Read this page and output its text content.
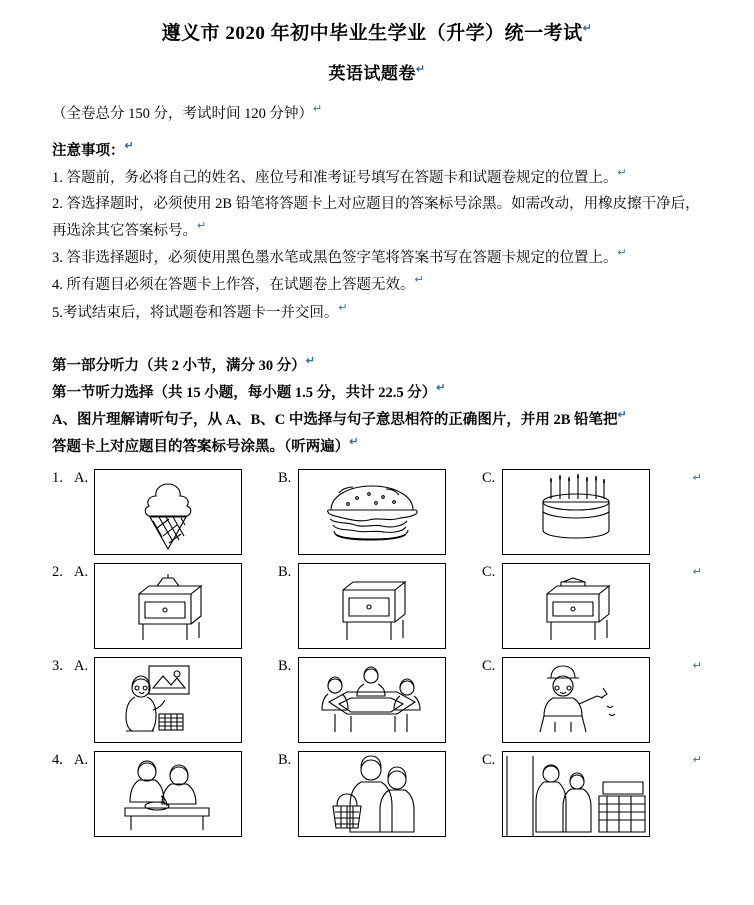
遵义市 2020 年初中毕业生学业（升学）统一考试↵
英语试题卷↵

（全卷总分 150 分，考试时间 120 分钟）↵

注意事项：↵

1. 答题前，务必将自己的姓名、座位号和准考证号填写在答题卡和试题卷规定的位置上。↵

2. 答选择题时，必须使用 2B 铅笔将答题卡上对应题目的答案标号涂黑。如需改动，用橡皮擦干净后，再选涂其它答案标号。↵

3. 答非选择题时，必须使用黑色墨水笔或黑色签字笔将答案书写在答题卡规定的位置上。↵

4. 所有题目必须在答题卡上作答，在试题卷上答题无效。↵

5.考试结束后，将试题卷和答题卡一并交回。↵

第一部分听力（共 2 小节，满分 30 分）↵

第一节听力选择（共 15 小题，每小题 1.5 分，共计 22.5 分）↵

A、图片理解请听句子，从 A、B、C 中选择与句子意思相符的正确图片，并用 2B 铅笔把↵

答题卡上对应题目的答案标号涂黑。（听两遍）↵

1. A.	B.	C.	↵
2. A.	B.	C.	↵
3. A.	B.	C.	↵
4. A.	B.	C.	↵
